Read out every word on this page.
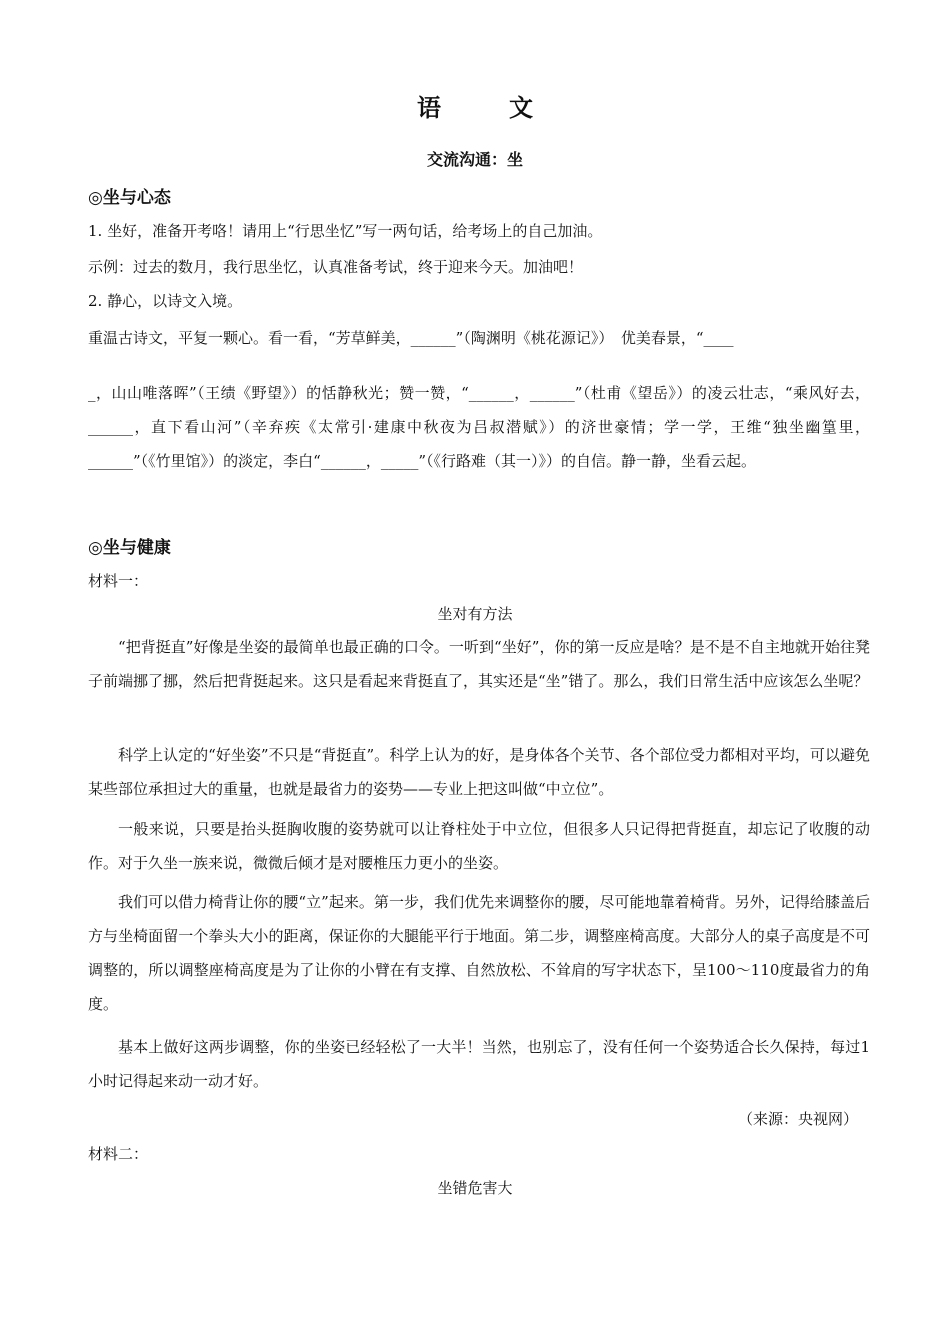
语　文
交流沟通：坐
◎坐与心态
1. 坐好，准备开考咯！请用上“行思坐忆”写一两句话，给考场上的自己加油。
示例：过去的数月，我行思坐忆，认真准备考试，终于迎来今天。加油吧！
2. 静心，以诗文入境。
重温古诗文，平复一颗心。看一看，“芳草鲜美，______”（陶渊明《桃花源记》）　优美春景，“____
_，山山唯落晖”（王绩《野望》）的恬静秋光；赞一赞，“______，______”（杜甫《望岳》）的凌云壮志，“乘风好去，______，直下看山河”（辛弃疾《太常引·建康中秋夜为吕叔潜赋》）的济世豪情；学一学，王维“独坐幽篁里，______”（《竹里馆》）的淡定，李白“______，_____”（《行路难（其一）》）的自信。静一静，坐看云起。
◎坐与健康
材料一：
坐对有方法
“把背挺直”好像是坐姿的最简单也最正确的口令。一听到“坐好”，你的第一反应是啥？是不是不自主地就开始往凳子前端挪了挪，然后把背挺起来。这只是看起来背挺直了，其实还是“坐”错了。那么，我们日常生活中应该怎么坐呢？
科学上认定的“好坐姿”不只是“背挺直”。科学上认为的好，是身体各个关节、各个部位受力都相对平均，可以避免某些部位承担过大的重量，也就是最省力的姿势——专业上把这叫做“中立位”。
一般来说，只要是抬头挺胸收腹的姿势就可以让脊柱处于中立位，但很多人只记得把背挺直，却忘记了收腹的动作。对于久坐一族来说，微微后倾才是对腰椎压力更小的坐姿。
我们可以借力椅背让你的腰“立”起来。第一步，我们优先来调整你的腰，尽可能地靠着椅背。另外，记得给膝盖后方与坐椅面留一个拳头大小的距离，保证你的大腿能平行于地面。第二步，调整座椅高度。大部分人的桌子高度是不可调整的，所以调整座椅高度是为了让你的小臂在有支撑、自然放松、不耸肩的写字状态下，呈100～110度最省力的角度。
基本上做好这两步调整，你的坐姿已经轻松了一大半！当然，也别忘了，没有任何一个姿势适合长久保持，每过1小时记得起来动一动才好。
（来源：央视网）
材料二：
坐错危害大
